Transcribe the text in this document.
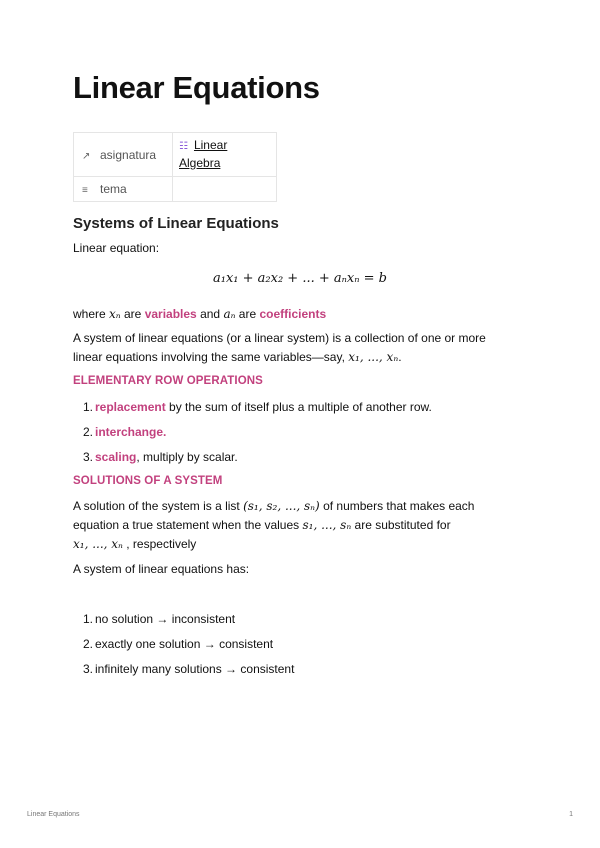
Linear Equations
↗ asignatura	☷ Linear
Algebra
≡ tema	
Systems of Linear Equations
Linear equation:
a₁x₁ + a₂x₂ + ... + aₙxₙ = b
where xₙ are variables and aₙ are coefficients
A system of linear equations (or a linear system) is a collection of one or more
linear equations involving the same variables—say, x₁, ..., xₙ.
ELEMENTARY ROW OPERATIONS
1. replacement by the sum of itself plus a multiple of another row.
2. interchange.
3. scaling, multiply by scalar.
SOLUTIONS OF A SYSTEM
A solution of the system is a list (s₁, s₂, ..., sₙ) of numbers that makes each
equation a true statement when the values s₁, ..., sₙ are substituted for
x₁, ..., xₙ , respectively
A system of linear equations has:
1. no solution → inconsistent
2. exactly one solution → consistent
3. infinitely many solutions → consistent
Linear Equations	1
